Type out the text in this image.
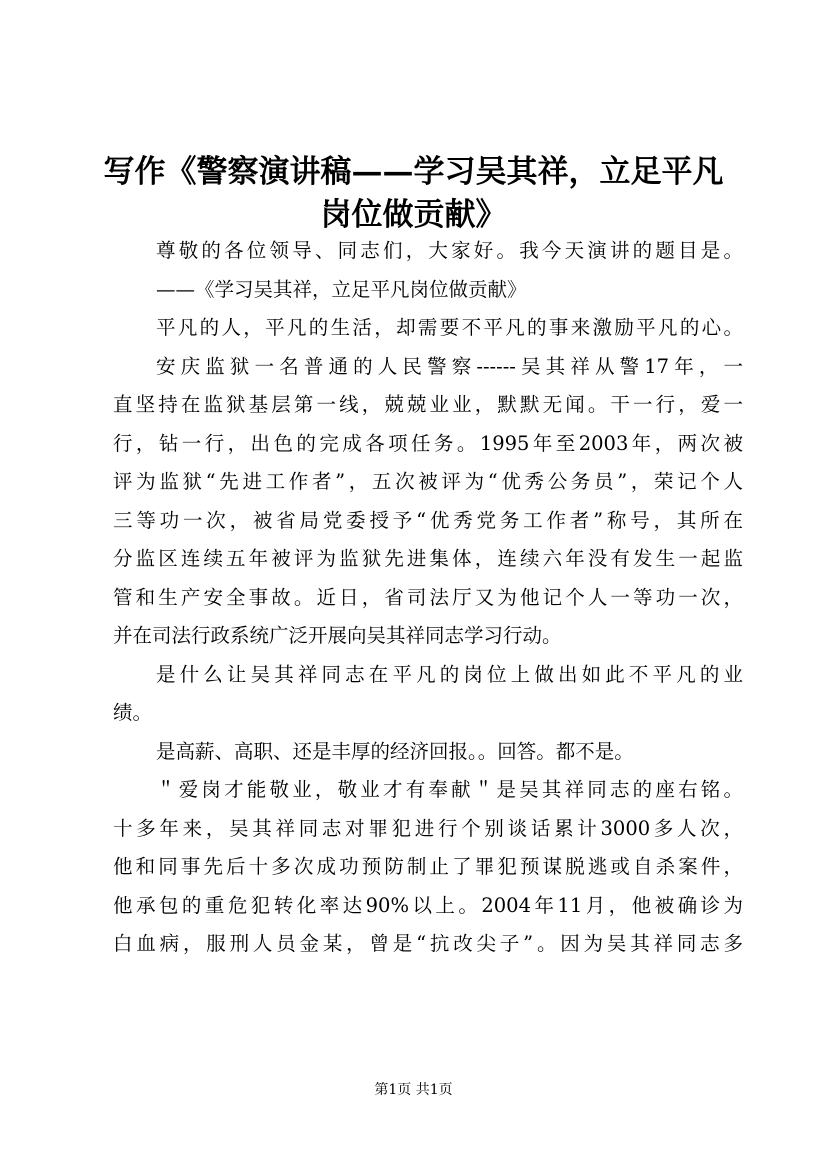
写作《警察演讲稿——学习吴其祥，立足平凡
岗位做贡献》
尊敬的各位领导、同志们，大家好。我今天演讲的题目是。
——《学习吴其祥，立足平凡岗位做贡献》
平凡的人，平凡的生活，却需要不平凡的事来激励平凡的心。
安庆监狱一名普通的人民警察------吴其祥从警17年，一
直坚持在监狱基层第一线，兢兢业业，默默无闻。干一行，爱一
行，钻一行，出色的完成各项任务。1995年至2003年，两次被
评为监狱“先进工作者”，五次被评为“优秀公务员”，荣记个人
三等功一次，被省局党委授予“优秀党务工作者”称号，其所在
分监区连续五年被评为监狱先进集体，连续六年没有发生一起监
管和生产安全事故。近日，省司法厅又为他记个人一等功一次，
并在司法行政系统广泛开展向吴其祥同志学习行动。
是什么让吴其祥同志在平凡的岗位上做出如此不平凡的业
绩。
是高薪、高职、还是丰厚的经济回报。。回答。都不是。
＂爱岗才能敬业，敬业才有奉献＂是吴其祥同志的座右铭。
十多年来，吴其祥同志对罪犯进行个别谈话累计3000多人次，
他和同事先后十多次成功预防制止了罪犯预谋脱逃或自杀案件，
他承包的重危犯转化率达90%以上。2004年11月，他被确诊为
白血病，服刑人员金某，曾是“抗改尖子”。因为吴其祥同志多
第1页 共1页
